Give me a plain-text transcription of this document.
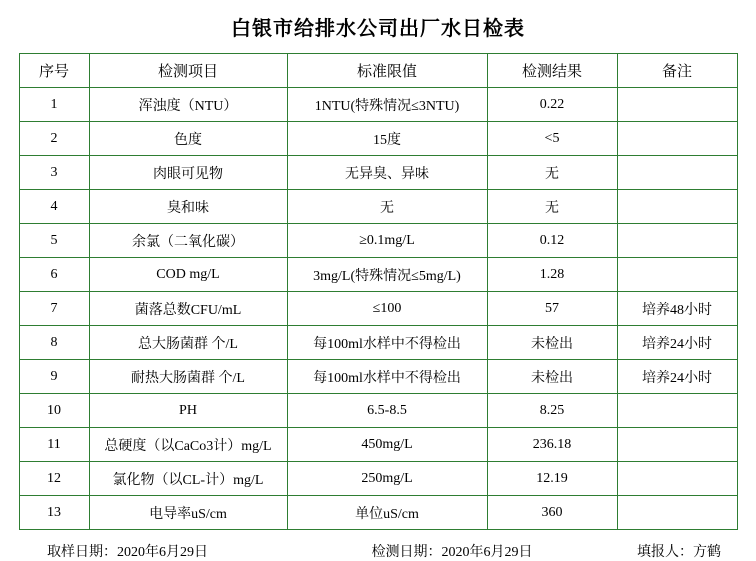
白银市给排水公司出厂水日检表
序号	检测项目	标准限值	检测结果	备注
1	浑浊度（NTU）	1NTU(特殊情况≤3NTU)	0.22	
2	色度	15度	<5	
3	肉眼可见物	无异臭、异味	无	
4	臭和味	无	无	
5	余氯（二氧化碳）	≥0.1mg/L	0.12	
6	COD mg/L	3mg/L(特殊情况≤5mg/L)	1.28	
7	菌落总数CFU/mL	≤100	57	培养48小时
8	总大肠菌群 个/L	每100ml水样中不得检出	未检出	培养24小时
9	耐热大肠菌群 个/L	每100ml水样中不得检出	未检出	培养24小时
10	PH	6.5-8.5	8.25	
11	总硬度（以CaCo3计）mg/L	450mg/L	236.18	
12	氯化物（以CL-计）mg/L	250mg/L	12.19	
13	电导率uS/cm	单位uS/cm	360	
取样日期：2020年6月29日	检测日期：2020年6月29日	填报人：方鹤
